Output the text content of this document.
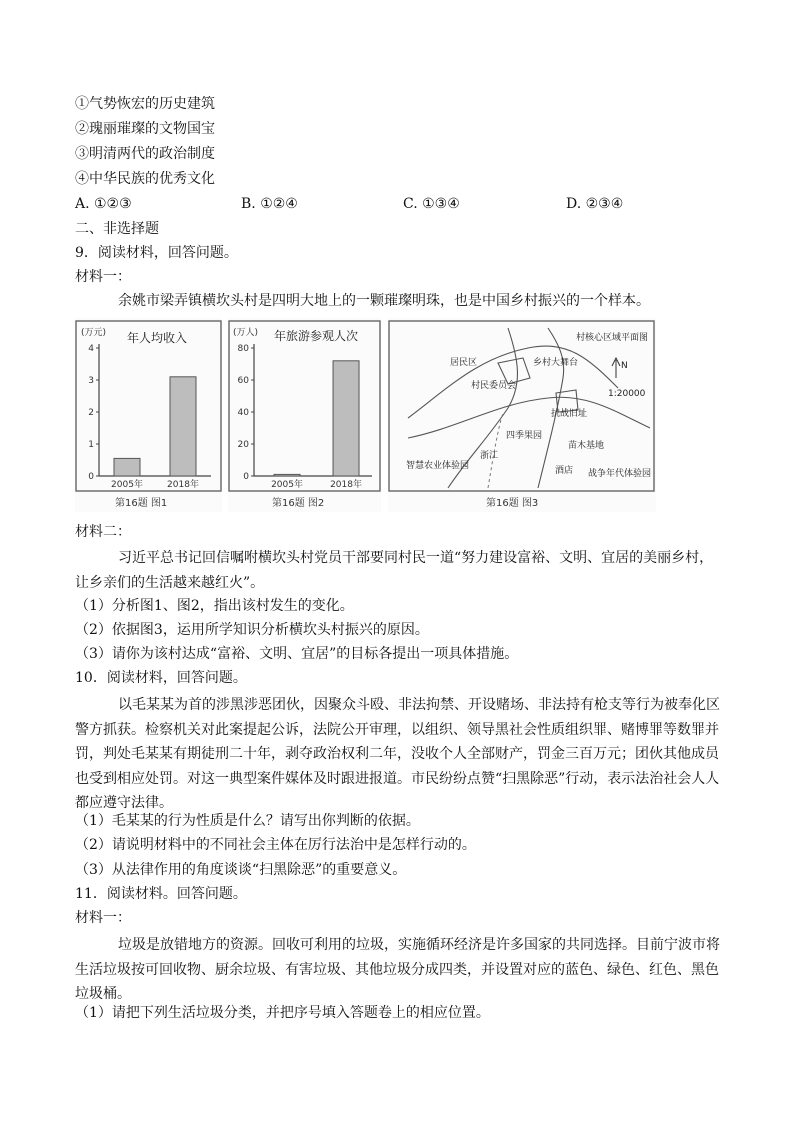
①气势恢宏的历史建筑
②瑰丽璀璨的文物国宝
③明清两代的政治制度
④中华民族的优秀文化
A. ①②③	B. ①②④	C. ①③④	D. ②③④
二、非选择题
9．阅读材料，回答问题。
材料一：
余姚市梁弄镇横坎头村是四明大地上的一颗璀璨明珠，也是中国乡村振兴的一个样本。
(万元) 年人均收入
第16题 图1
0
1
2
3
4
2005年	2018年
(万人) 年旅游参观人次
第16题 图2
0
20
40
60
80
2005年	2018年
村核心区域平面图
N
1:20000
居民区
村民委员会
乡村大舞台
抗战旧址
四季果园
苗木基地
智慧农业体验园	酒店 战争年代体验园
浙江
第16题 图3
材料二：
习近平总书记回信嘱咐横坎头村党员干部要同村民一道“努力建设富裕、文明、宜居的美丽乡村，让乡亲们的生活越来越红火”。
（1）分析图1、图2，指出该村发生的变化。
（2）依据图3，运用所学知识分析横坎头村振兴的原因。
（3）请你为该村达成“富裕、文明、宜居”的目标各提出一项具体措施。
10．阅读材料，回答问题。
以毛某某为首的涉黑涉恶团伙，因聚众斗殴、非法拘禁、开设赌场、非法持有枪支等行为被奉化区警方抓获。检察机关对此案提起公诉，法院公开审理，以组织、领导黑社会性质组织罪、赌博罪等数罪并罚，判处毛某某有期徒刑二十年，剥夺政治权利二年，没收个人全部财产，罚金三百万元；团伙其他成员也受到相应处罚。对这一典型案件媒体及时跟进报道。市民纷纷点赞“扫黑除恶”行动，表示法治社会人人都应遵守法律。
（1）毛某某的行为性质是什么？请写出你判断的依据。
（2）请说明材料中的不同社会主体在厉行法治中是怎样行动的。
（3）从法律作用的角度谈谈“扫黑除恶”的重要意义。
11．阅读材料。回答问题。
材料一：
垃圾是放错地方的资源。回收可利用的垃圾，实施循环经济是许多国家的共同选择。目前宁波市将生活垃圾按可回收物、厨余垃圾、有害垃圾、其他垃圾分成四类，并设置对应的蓝色、绿色、红色、黑色垃圾桶。
（1）请把下列生活垃圾分类，并把序号填入答题卷上的相应位置。
